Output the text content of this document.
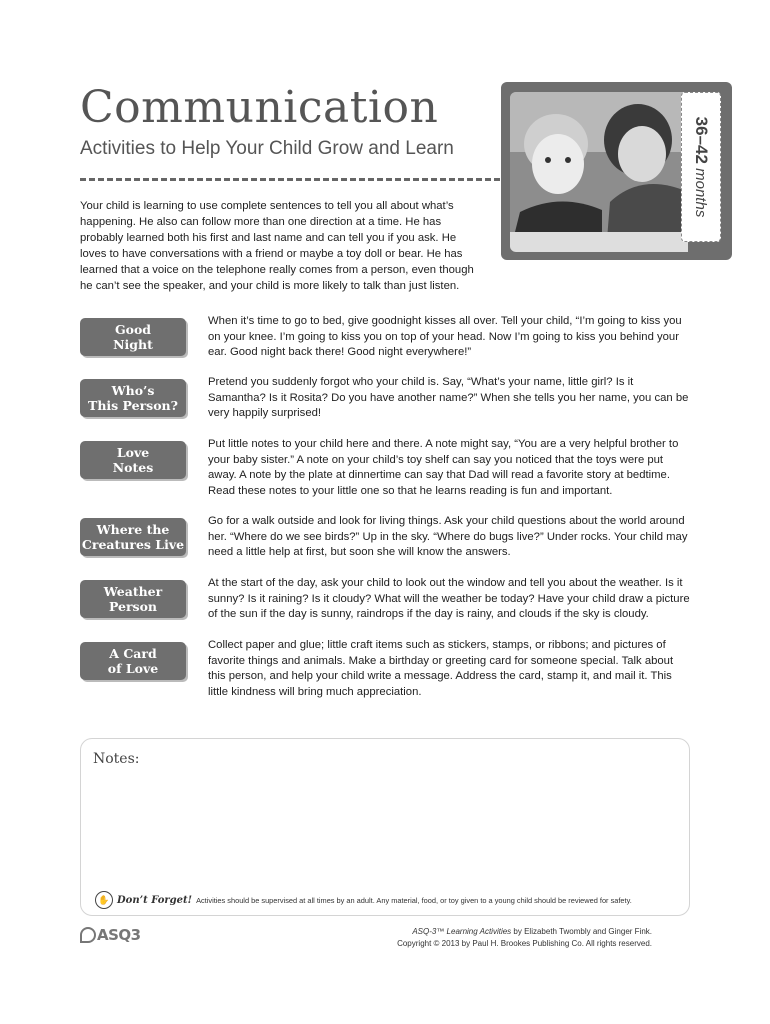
Communication
Activities to Help Your Child Grow and Learn

Your child is learning to use complete sentences to tell you all about what’s happening. He also can follow more than one direction at a time. He has probably learned both his first and last name and can tell you if you ask. He loves to have conversations with a friend or maybe a toy doll or bear. He has learned that a voice on the telephone really comes from a person, even though he can’t see the speaker, and your child is more likely to talk than just listen.

36–42 months
Good
Night

When it’s time to go to bed, give goodnight kisses all over. Tell your child, “I’m going to kiss you on your knee. I’m going to kiss you on top of your head. Now I’m going to kiss you behind your ear. Good night back there! Good night everywhere!”

Who’s
This Person?

Pretend you suddenly forgot who your child is. Say, “What’s your name, little girl? Is it Samantha? Is it Rosita? Do you have another name?” When she tells you her name, you can be very happily surprised!

Love
Notes

Put little notes to your child here and there. A note might say, “You are a very helpful brother to your baby sister.” A note on your child’s toy shelf can say you noticed that the toys were put away. A note by the plate at dinnertime can say that Dad will read a favorite story at bedtime. Read these notes to your little one so that he learns reading is fun and important.

Where the
Creatures Live

Go for a walk outside and look for living things. Ask your child questions about the world around her. “Where do we see birds?” Up in the sky. “Where do bugs live?” Under rocks. Your child may need a little help at first, but soon she will know the answers.

Weather
Person

At the start of the day, ask your child to look out the window and tell you about the weather. Is it sunny? Is it raining? Is it cloudy? What will the weather be today? Have your child draw a picture of the sun if the day is sunny, raindrops if the day is rainy, and clouds if the sky is cloudy.

A Card
of Love

Collect paper and glue; little craft items such as stickers, stamps, or ribbons; and pictures of favorite things and animals. Make a birthday or greeting card for someone special. Talk about this person, and help your child write a message. Address the card, stamp it, and mail it. This little kindness will bring much appreciation.

Notes:
✋ Don’t Forget! Activities should be supervised at all times by an adult. Any material, food, or toy given to a young child should be reviewed for safety.
ASQ3	ASQ-3™ Learning Activities by Elizabeth Twombly and Ginger Fink.
Copyright © 2013 by Paul H. Brookes Publishing Co. All rights reserved.
